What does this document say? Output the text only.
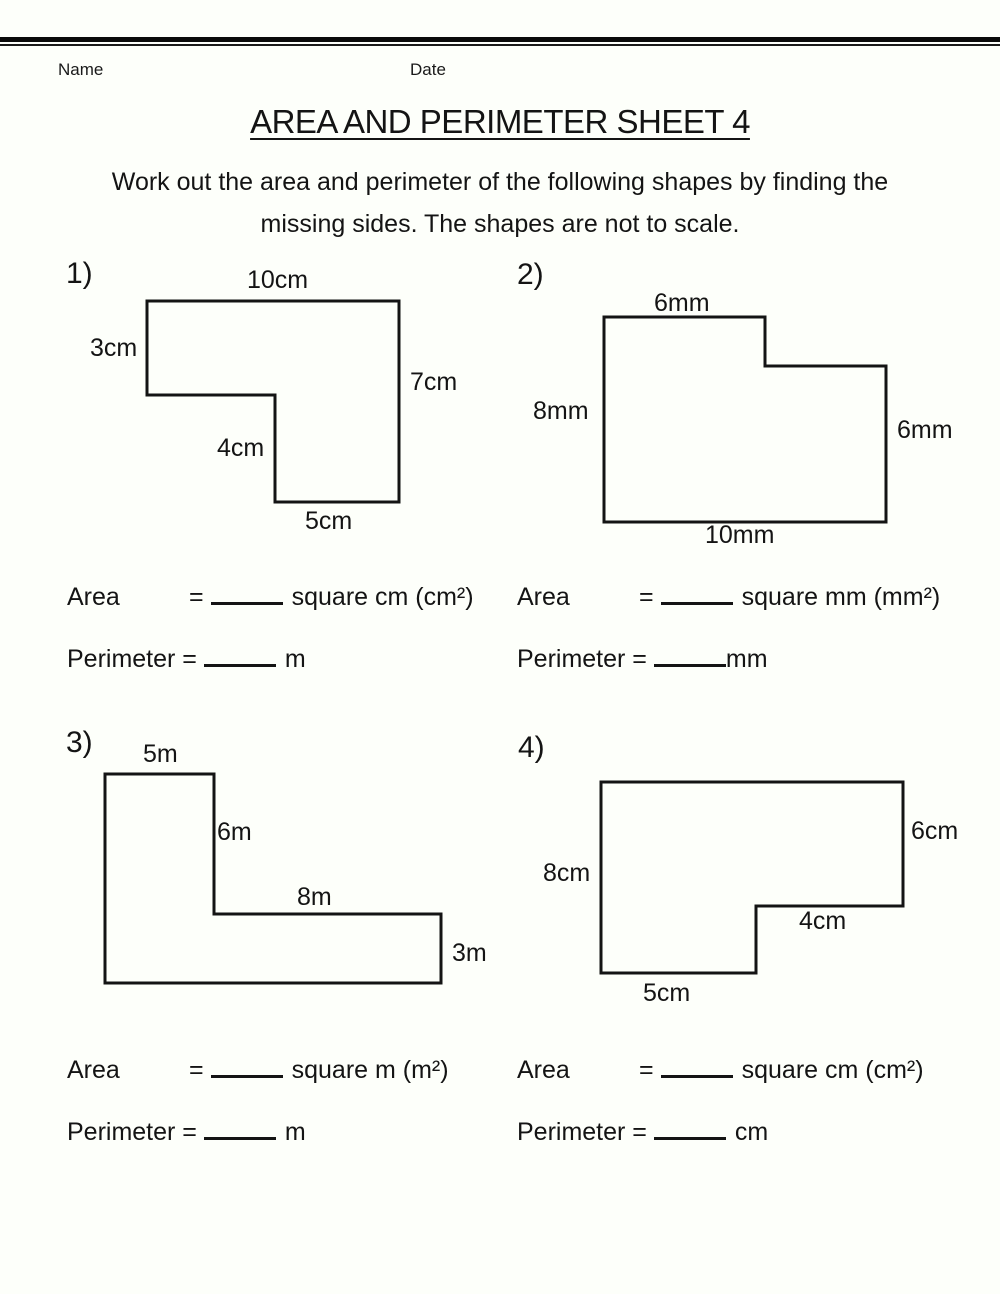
Name	Date
AREA AND PERIMETER SHEET 4
Work out the area and perimeter of the following shapes by finding the
missing sides. The shapes are not to scale.
1)	10cm
3cm
7cm
4cm
5cm
2)
6mm
8mm
6mm
10mm
Area	=	square cm (cm²)
Perimeter =	m
Area	=	square mm (mm²)
Perimeter =	mm
3) 5m
6m
8m
3m
4)
8cm
6cm
4cm
5cm
Area	=	square m (m²)
Perimeter =	m
Area	=	square cm (cm²)
Perimeter =	cm
